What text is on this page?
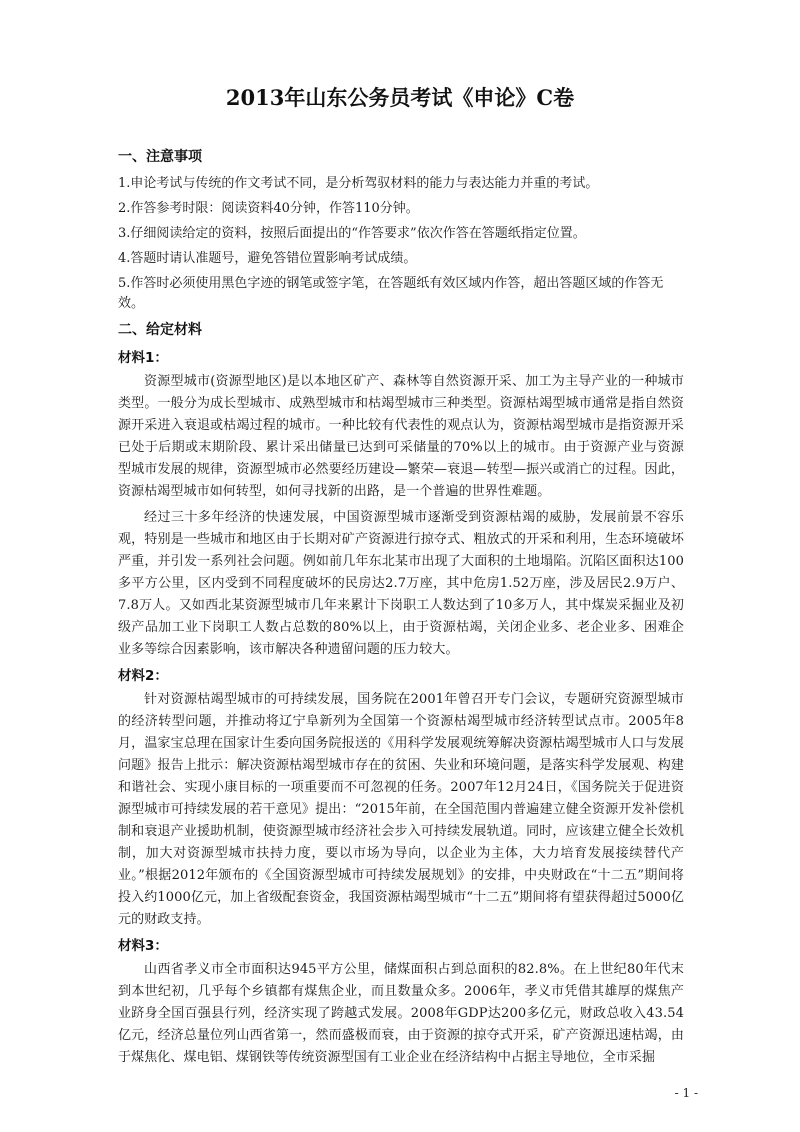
2013年山东公务员考试《申论》C卷
一、注意事项
1.申论考试与传统的作文考试不同，是分析驾驭材料的能力与表达能力并重的考试。
2.作答参考时限：阅读资料40分钟，作答110分钟。
3.仔细阅读给定的资料，按照后面提出的“作答要求”依次作答在答题纸指定位置。
4.答题时请认准题号，避免答错位置影响考试成绩。
5.作答时必须使用黑色字迹的钢笔或签字笔，在答题纸有效区域内作答，超出答题区域的作答无效。
二、给定材料
材料1：

资源型城市(资源型地区)是以本地区矿产、森林等自然资源开采、加工为主导产业的一种城市类型。一般分为成长型城市、成熟型城市和枯竭型城市三种类型。资源枯竭型城市通常是指自然资源开采进入衰退或枯竭过程的城市。一种比较有代表性的观点认为，资源枯竭型城市是指资源开采已处于后期或末期阶段、累计采出储量已达到可采储量的70%以上的城市。由于资源产业与资源型城市发展的规律，资源型城市必然要经历建设—繁荣—衰退—转型—振兴或消亡的过程。因此，资源枯竭型城市如何转型，如何寻找新的出路，是一个普遍的世界性难题。

经过三十多年经济的快速发展，中国资源型城市逐渐受到资源枯竭的威胁，发展前景不容乐观，特别是一些城市和地区由于长期对矿产资源进行掠夺式、粗放式的开采和利用，生态环境破坏严重，并引发一系列社会问题。例如前几年东北某市出现了大面积的土地塌陷。沉陷区面积达100多平方公里，区内受到不同程度破坏的民房达2.7万座，其中危房1.52万座，涉及居民2.9万户、7.8万人。又如西北某资源型城市几年来累计下岗职工人数达到了10多万人，其中煤炭采掘业及初级产品加工业下岗职工人数占总数的80%以上，由于资源枯竭，关闭企业多、老企业多、困难企业多等综合因素影响，该市解决各种遗留问题的压力较大。

材料2：

针对资源枯竭型城市的可持续发展，国务院在2001年曾召开专门会议，专题研究资源型城市的经济转型问题，并推动将辽宁阜新列为全国第一个资源枯竭型城市经济转型试点市。2005年8月，温家宝总理在国家计生委向国务院报送的《用科学发展观统筹解决资源枯竭型城市人口与发展问题》报告上批示：解决资源枯竭型城市存在的贫困、失业和环境问题，是落实科学发展观、构建和谐社会、实现小康目标的一项重要而不可忽视的任务。2007年12月24日，《国务院关于促进资源型城市可持续发展的若干意见》提出：“2015年前，在全国范围内普遍建立健全资源开发补偿机制和衰退产业援助机制，使资源型城市经济社会步入可持续发展轨道。同时，应该建立健全长效机制，加大对资源型城市扶持力度，要以市场为导向，以企业为主体，大力培育发展接续替代产业。”根据2012年颁布的《全国资源型城市可持续发展规划》的安排，中央财政在“十二五”期间将投入约1000亿元，加上省级配套资金，我国资源枯竭型城市“十二五”期间将有望获得超过5000亿元的财政支持。

材料3：

山西省孝义市全市面积达945平方公里，储煤面积占到总面积的82.8%。在上世纪80年代末到本世纪初，几乎每个乡镇都有煤焦企业，而且数量众多。2006年，孝义市凭借其雄厚的煤焦产业跻身全国百强县行列，经济实现了跨越式发展。2008年GDP达200多亿元，财政总收入43.54亿元，经济总量位列山西省第一，然而盛极而衰，由于资源的掠夺式开采，矿产资源迅速枯竭，由于煤焦化、煤电铝、煤钢铁等传统资源型国有工业企业在经济结构中占据主导地位，全市采掘

- 1 -
